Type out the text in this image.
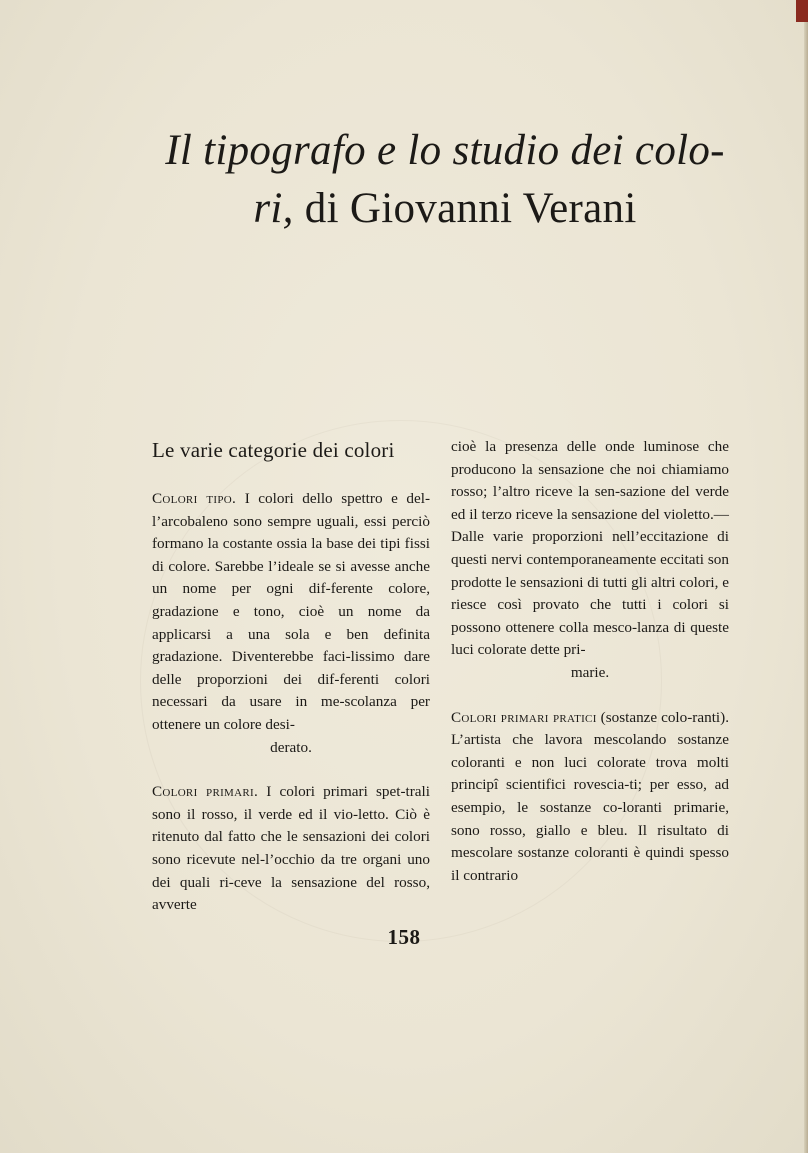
Il tipografo e lo studio dei colo- ri, di Giovanni Verani
Le varie categorie dei colori

Colori tipo. I colori dello spettro e del-l’arcobaleno sono sempre uguali, essi perciò formano la costante ossia la base dei tipi fissi di colore. Sarebbe l’ideale se si avesse anche un nome per ogni dif-ferente colore, gradazione e tono, cioè un nome da applicarsi a una sola e ben definita gradazione. Diventerebbe faci-lissimo dare delle proporzioni dei dif-ferenti colori necessari da usare in me-scolanza per ottenere un colore desi-
derato.

Colori primari. I colori primari spet-trali sono il rosso, il verde ed il vio-letto. Ciò è ritenuto dal fatto che le sensazioni dei colori sono ricevute nel-l’occhio da tre organi uno dei quali ri-ceve la sensazione del rosso, avverte

cioè la presenza delle onde luminose che producono la sensazione che noi chiamiamo rosso; l’altro riceve la sen-sazione del verde ed il terzo riceve la sensazione del violetto.— Dalle varie proporzioni nell’eccitazione di questi nervi contemporaneamente eccitati son prodotte le sensazioni di tutti gli altri colori, e riesce così provato che tutti i colori si possono ottenere colla mesco-lanza di queste luci colorate dette pri-
marie.

Colori primari pratici (sostanze colo-ranti). L’artista che lavora mescolando sostanze coloranti e non luci colorate trova molti principî scientifici rovescia-ti; per esso, ad esempio, le sostanze co-loranti primarie, sono rosso, giallo e bleu. Il risultato di mescolare sostanze coloranti è quindi spesso il contrario

158
